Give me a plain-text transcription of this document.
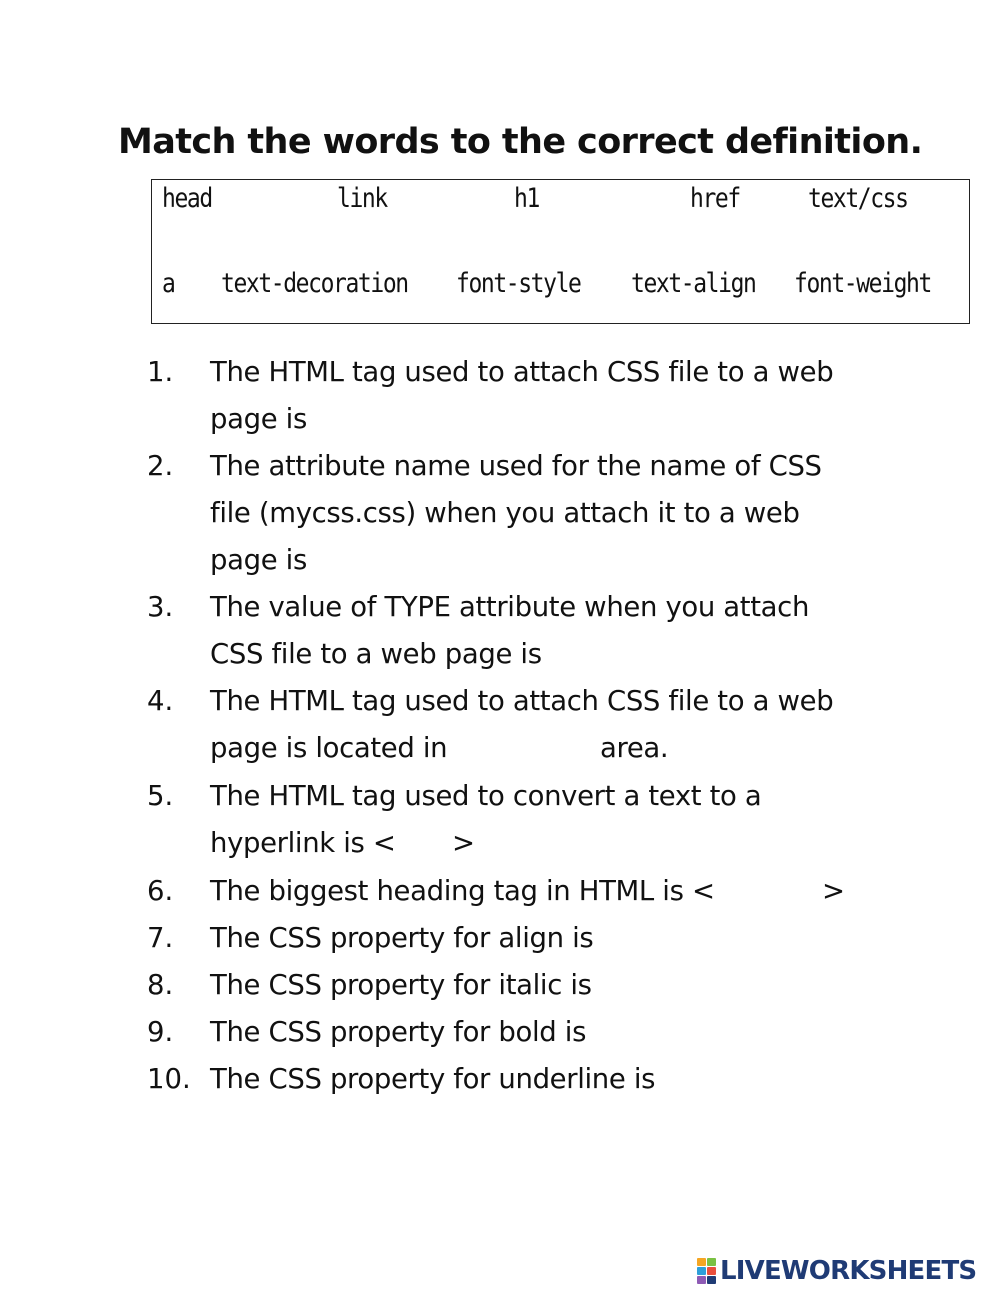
Match the words to the correct definition.
head	link	h1	href	text/css
a text-decoration font-style text-align font-weight
1. The HTML tag used to attach CSS file to a web
page is
2. The attribute name used for the name of CSS
file (mycss.css) when you attach it to a web
page is
3. The value of TYPE attribute when you attach
CSS file to a web page is
4. The HTML tag used to attach CSS file to a web
page is located in	area.
5. The HTML tag used to convert a text to a
hyperlink is < >
6. The biggest heading tag in HTML is <	>
7. The CSS property for align is
8. The CSS property for italic is
9. The CSS property for bold is
10. The CSS property for underline is
LIVEWORKSHEETS
